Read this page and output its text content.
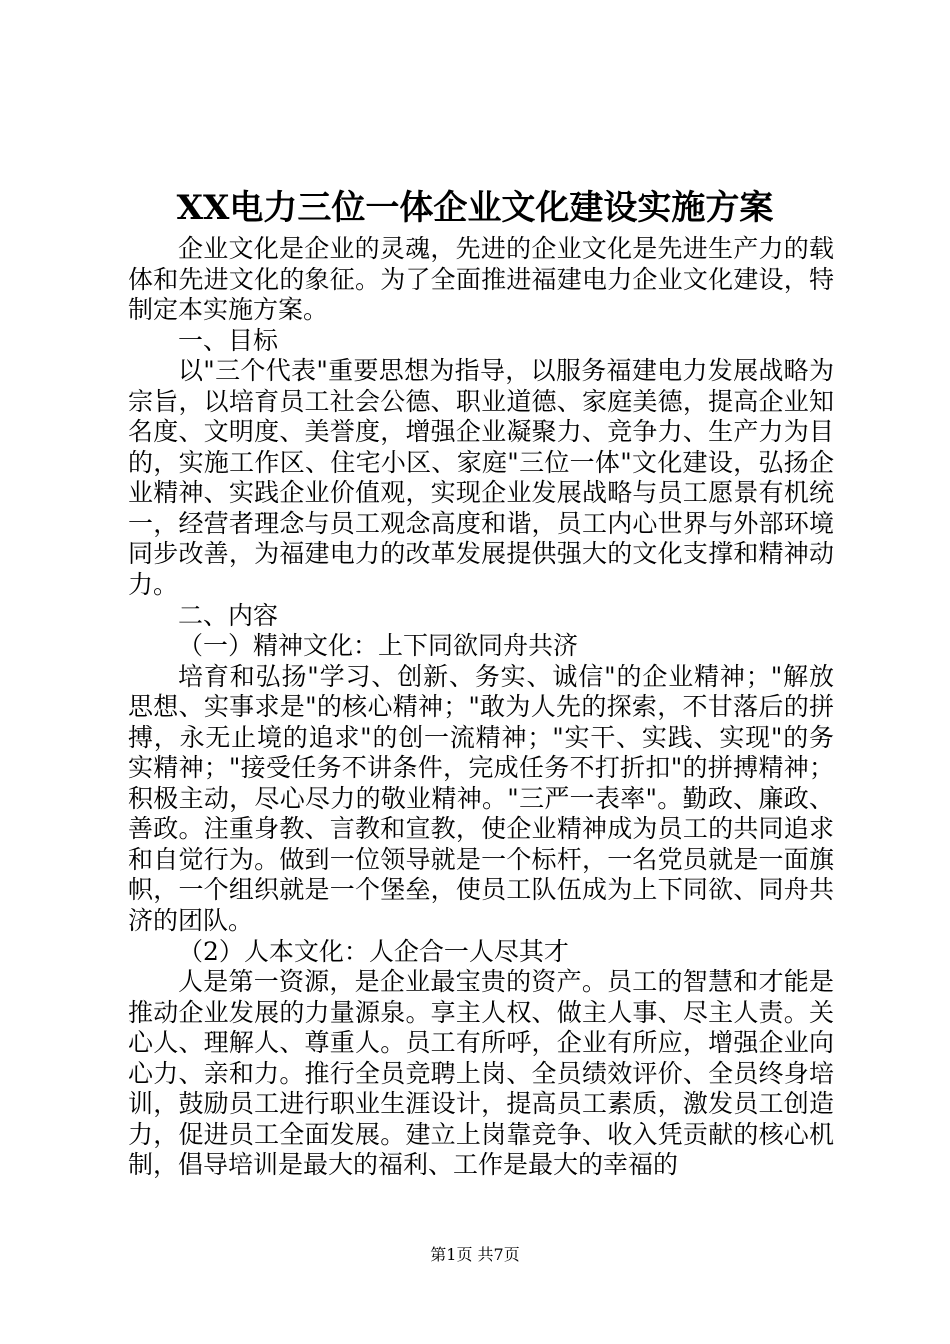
XX电力三位一体企业文化建设实施方案

企业文化是企业的灵魂，先进的企业文化是先进生产力的载体和先进文化的象征。为了全面推进福建电力企业文化建设，特制定本实施方案。

一、目标

以"三个代表"重要思想为指导，以服务福建电力发展战略为宗旨，以培育员工社会公德、职业道德、家庭美德，提高企业知名度、文明度、美誉度，增强企业凝聚力、竞争力、生产力为目的，实施工作区、住宅小区、家庭"三位一体"文化建设，弘扬企业精神、实践企业价值观，实现企业发展战略与员工愿景有机统一，经营者理念与员工观念高度和谐，员工内心世界与外部环境同步改善，为福建电力的改革发展提供强大的文化支撑和精神动力。

二、内容

（一）精神文化：上下同欲同舟共济

培育和弘扬"学习、创新、务实、诚信"的企业精神；"解放思想、实事求是"的核心精神；"敢为人先的探索，不甘落后的拼搏，永无止境的追求"的创一流精神；"实干、实践、实现"的务实精神；"接受任务不讲条件，完成任务不打折扣"的拼搏精神；积极主动，尽心尽力的敬业精神。"三严一表率"。勤政、廉政、善政。注重身教、言教和宣教，使企业精神成为员工的共同追求和自觉行为。做到一位领导就是一个标杆，一名党员就是一面旗帜，一个组织就是一个堡垒，使员工队伍成为上下同欲、同舟共济的团队。

（2）人本文化：人企合一人尽其才

人是第一资源，是企业最宝贵的资产。员工的智慧和才能是推动企业发展的力量源泉。享主人权、做主人事、尽主人责。关心人、理解人、尊重人。员工有所呼，企业有所应，增强企业向心力、亲和力。推行全员竞聘上岗、全员绩效评价、全员终身培训，鼓励员工进行职业生涯设计，提高员工素质，激发员工创造力，促进员工全面发展。建立上岗靠竞争、收入凭贡献的核心机制，倡导培训是最大的福利、工作是最大的幸福的

第1页 共7页
